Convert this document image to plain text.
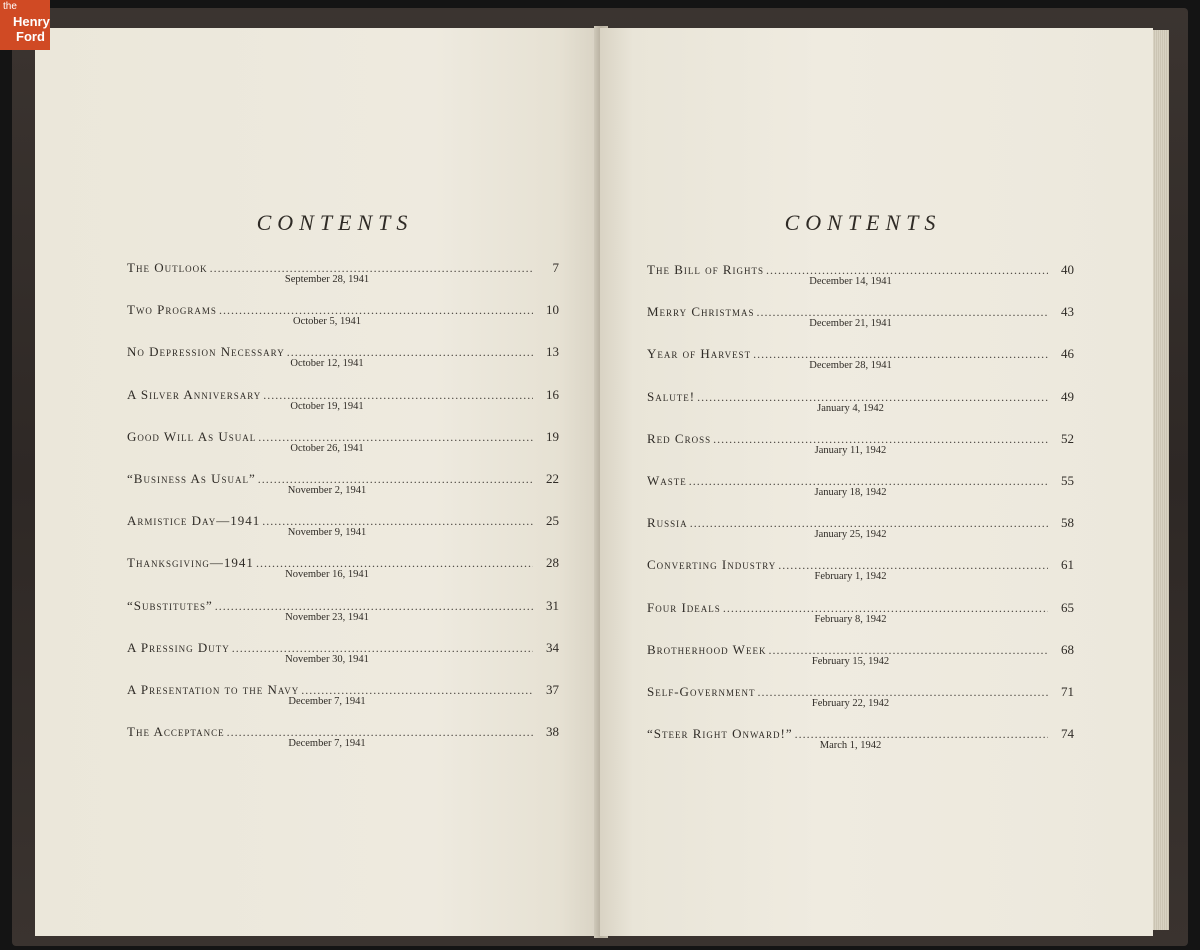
the
Henry
Ford
CONTENTS
The Outlook .....	7
September 28, 1941
Two Programs .....	10
October 5, 1941
No Depression Necessary .....	13
October 12, 1941
A Silver Anniversary .....	16
October 19, 1941
Good Will As Usual .....	19
October 26, 1941
“Business As Usual” .....	22
November 2, 1941
Armistice Day—1941 .....	25
November 9, 1941
Thanksgiving—1941 .....	28
November 16, 1941
“Substitutes” .....	31
November 23, 1941
A Pressing Duty .....	34
November 30, 1941
A Presentation to the Navy .....	37
December 7, 1941
The Acceptance .....	38
December 7, 1941
CONTENTS
The Bill of Rights .....	40
December 14, 1941
Merry Christmas .....	43
December 21, 1941
Year of Harvest .....	46
December 28, 1941
Salute! .....	49
January 4, 1942
Red Cross .....	52
January 11, 1942
Waste .....	55
January 18, 1942
Russia .....	58
January 25, 1942
Converting Industry .....	61
February 1, 1942
Four Ideals .....	65
February 8, 1942
Brotherhood Week .....	68
February 15, 1942
Self-Government .....	71
February 22, 1942
“Steer Right Onward!” .....	74
March 1, 1942
